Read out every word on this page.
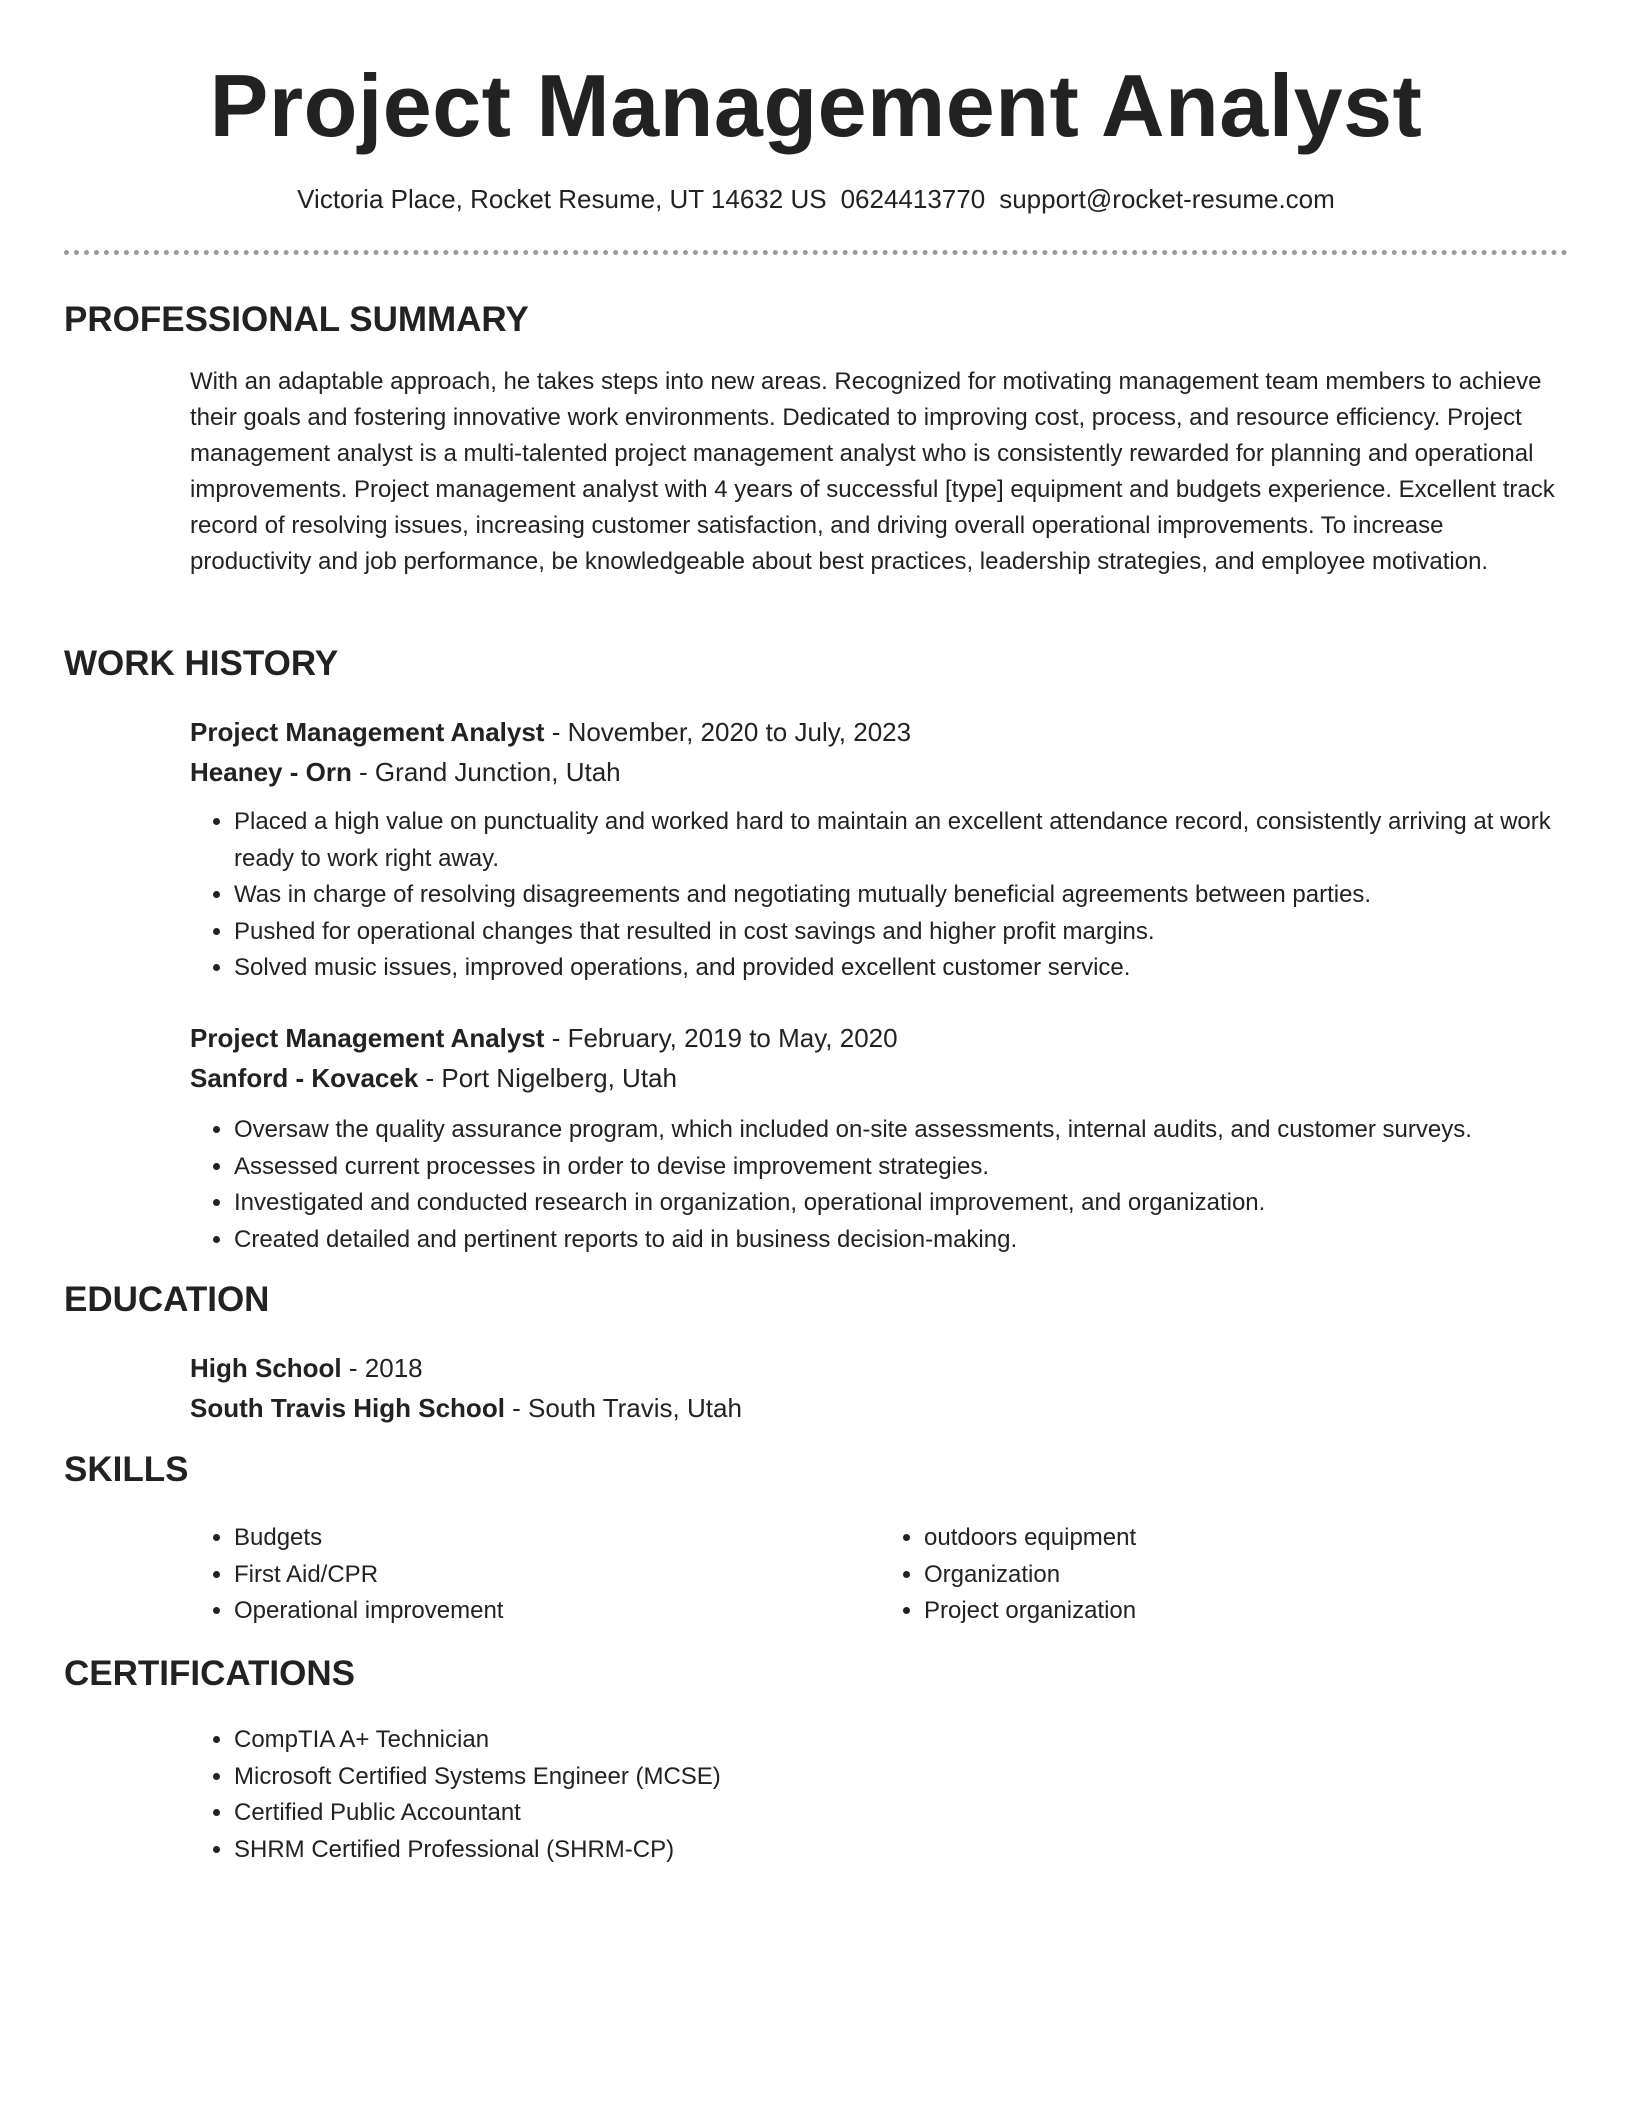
Project Management Analyst
Victoria Place, Rocket Resume, UT 14632 US 0624413770 support@rocket-resume.com
PROFESSIONAL SUMMARY

With an adaptable approach, he takes steps into new areas. Recognized for motivating management team members to achieve their goals and fostering innovative work environments. Dedicated to improving cost, process, and resource efficiency. Project management analyst is a multi-talented project management analyst who is consistently rewarded for planning and operational improvements. Project management analyst with 4 years of successful [type] equipment and budgets experience. Excellent track record of resolving issues, increasing customer satisfaction, and driving overall operational improvements. To increase productivity and job performance, be knowledgeable about best practices, leadership strategies, and employee motivation.

WORK HISTORY

Project Management Analyst - November, 2020 to July, 2023

Heaney - Orn - Grand Junction, Utah

• Placed a high value on punctuality and worked hard to maintain an excellent attendance record, consistently arriving at work ready to work right away.
• Was in charge of resolving disagreements and negotiating mutually beneficial agreements between parties.
• Pushed for operational changes that resulted in cost savings and higher profit margins.
• Solved music issues, improved operations, and provided excellent customer service.

Project Management Analyst - February, 2019 to May, 2020

Sanford - Kovacek - Port Nigelberg, Utah

• Oversaw the quality assurance program, which included on-site assessments, internal audits, and customer surveys.
• Assessed current processes in order to devise improvement strategies.
• Investigated and conducted research in organization, operational improvement, and organization.
• Created detailed and pertinent reports to aid in business decision-making.
EDUCATION

High School - 2018

South Travis High School - South Travis, Utah

SKILLS
• Budgets
• First Aid/CPR
• Operational improvement
• outdoors equipment
• Organization
• Project organization
CERTIFICATIONS
• CompTIA A+ Technician
• Microsoft Certified Systems Engineer (MCSE)
• Certified Public Accountant
• SHRM Certified Professional (SHRM-CP)
